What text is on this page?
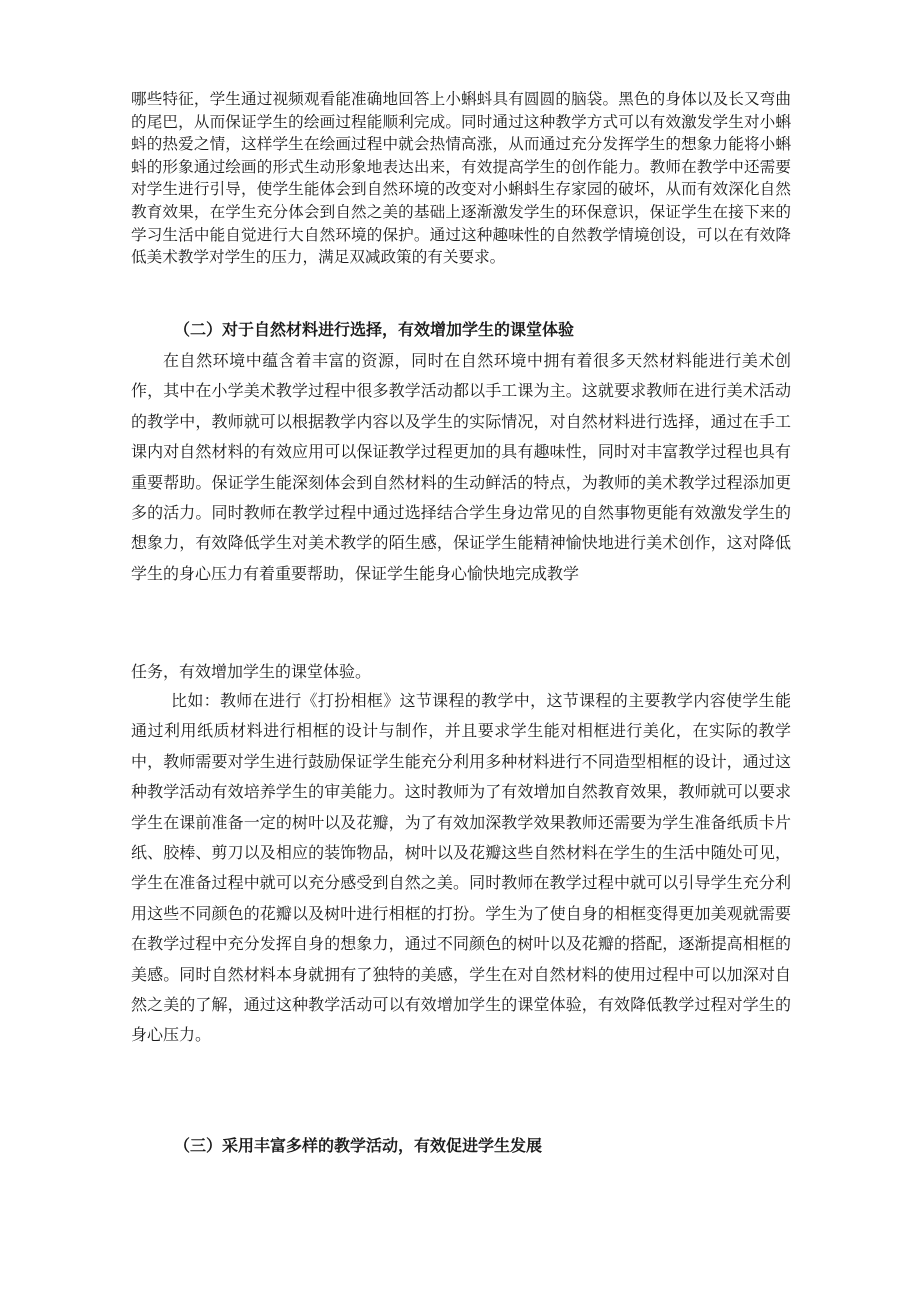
哪些特征，学生通过视频观看能准确地回答上小蝌蚪具有圆圆的脑袋。黑色的身体以及长又弯曲的尾巴，从而保证学生的绘画过程能顺利完成。同时通过这种教学方式可以有效激发学生对小蝌蚪的热爱之情，这样学生在绘画过程中就会热情高涨，从而通过充分发挥学生的想象力能将小蝌蚪的形象通过绘画的形式生动形象地表达出来，有效提高学生的创作能力。教师在教学中还需要对学生进行引导，使学生能体会到自然环境的改变对小蝌蚪生存家园的破坏，从而有效深化自然教育效果，在学生充分体会到自然之美的基础上逐渐激发学生的环保意识，保证学生在接下来的学习生活中能自觉进行大自然环境的保护。通过这种趣味性的自然教学情境创设，可以在有效降低美术教学对学生的压力，满足双减政策的有关要求。

（二）对于自然材料进行选择，有效增加学生的课堂体验

在自然环境中蕴含着丰富的资源，同时在自然环境中拥有着很多天然材料能进行美术创作，其中在小学美术教学过程中很多教学活动都以手工课为主。这就要求教师在进行美术活动的教学中，教师就可以根据教学内容以及学生的实际情况，对自然材料进行选择，通过在手工课内对自然材料的有效应用可以保证教学过程更加的具有趣味性，同时对丰富教学过程也具有重要帮助。保证学生能深刻体会到自然材料的生动鲜活的特点，为教师的美术教学过程添加更多的活力。同时教师在教学过程中通过选择结合学生身边常见的自然事物更能有效激发学生的想象力，有效降低学生对美术教学的陌生感，保证学生能精神愉快地进行美术创作，这对降低学生的身心压力有着重要帮助，保证学生能身心愉快地完成教学

任务，有效增加学生的课堂体验。

比如：教师在进行《打扮相框》这节课程的教学中，这节课程的主要教学内容使学生能通过利用纸质材料进行相框的设计与制作，并且要求学生能对相框进行美化，在实际的教学中，教师需要对学生进行鼓励保证学生能充分利用多种材料进行不同造型相框的设计，通过这种教学活动有效培养学生的审美能力。这时教师为了有效增加自然教育效果，教师就可以要求学生在课前准备一定的树叶以及花瓣，为了有效加深教学效果教师还需要为学生准备纸质卡片纸、胶棒、剪刀以及相应的装饰物品，树叶以及花瓣这些自然材料在学生的生活中随处可见，学生在准备过程中就可以充分感受到自然之美。同时教师在教学过程中就可以引导学生充分利用这些不同颜色的花瓣以及树叶进行相框的打扮。学生为了使自身的相框变得更加美观就需要在教学过程中充分发挥自身的想象力，通过不同颜色的树叶以及花瓣的搭配，逐渐提高相框的美感。同时自然材料本身就拥有了独特的美感，学生在对自然材料的使用过程中可以加深对自然之美的了解，通过这种教学活动可以有效增加学生的课堂体验，有效降低教学过程对学生的身心压力。

（三）采用丰富多样的教学活动，有效促进学生发展
